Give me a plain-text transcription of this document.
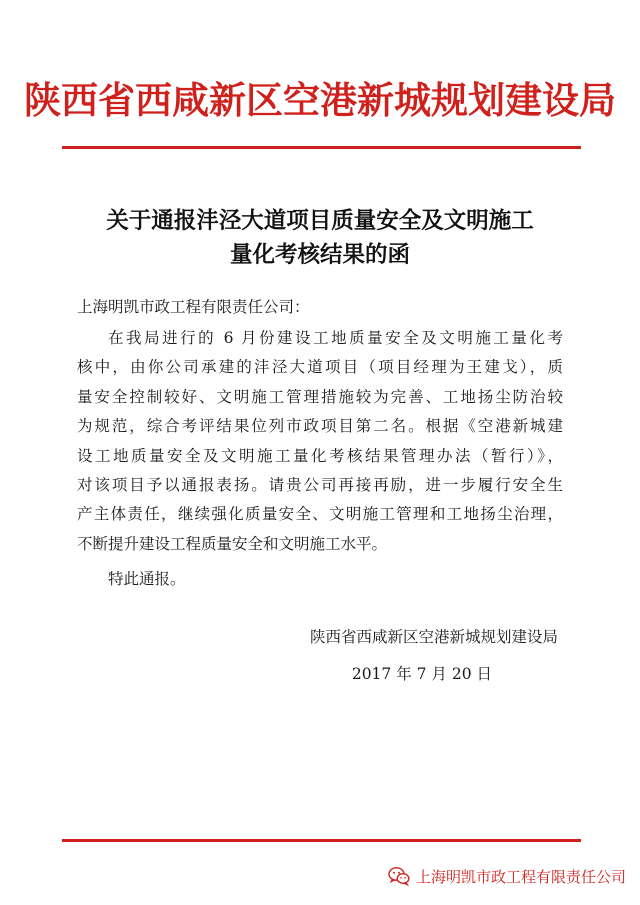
陕西省西咸新区空港新城规划建设局
关于通报沣泾大道项目质量安全及文明施工
量化考核结果的函
上海明凯市政工程有限责任公司：
在我局进行的 6 月份建设工地质量安全及文明施工量化考
核中，由你公司承建的沣泾大道项目（项目经理为王建戈），质
量安全控制较好、文明施工管理措施较为完善、工地扬尘防治较
为规范，综合考评结果位列市政项目第二名。根据《空港新城建
设工地质量安全及文明施工量化考核结果管理办法（暂行）》，
对该项目予以通报表扬。请贵公司再接再励，进一步履行安全生
产主体责任，继续强化质量安全、文明施工管理和工地扬尘治理，
不断提升建设工程质量安全和文明施工水平。
特此通报。
陕西省西咸新区空港新城规划建设局
2017 年 7 月 20 日
上海明凯市政工程有限责任公司
